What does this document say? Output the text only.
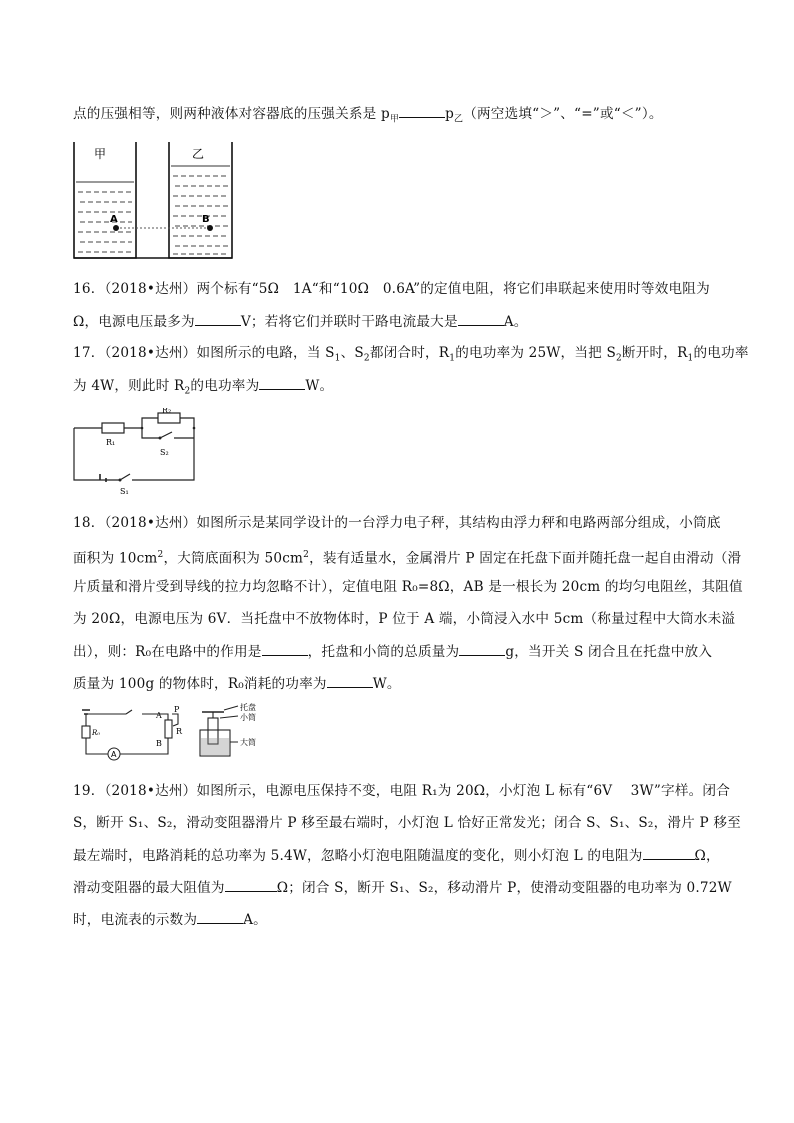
点的压强相等，则两种液体对容器底的压强关系是 $p_甲$	$p_乙$（两空选填“＞”、“=”或“＜”）。
甲	乙
A	B
16．（2018•达州）两个标有“5Ω　1A“和“10Ω　0.6A”的定值电阻，将它们串联起来使用时等效电阻为
Ω，电源电压最多为	V；若将它们并联时干路电流最大是	A。
17．（2018•达州）如图所示的电路，当 $S_1$、$S_2$都闭合时，$R_1$的电功率为 25W，当把 $S_2$断开时，$R_1$的电功率
为 4W，则此时 $R_2$的电功率为	W。
R₁
R₂
S₂
S₁
18．（2018•达州）如图所示是某同学设计的一台浮力电子秤，其结构由浮力秤和电路两部分组成，小筒底
面积为 $10cm^2$，大筒底面积为 $50cm^2$，装有适量水，金属滑片 P 固定在托盘下面并随托盘一起自由滑动（滑
片质量和滑片受到导线的拉力均忽略不计），定值电阻 R₀=8Ω，AB 是一根长为 20cm 的均匀电阻丝，其阻值
为 20Ω，电源电压为 6V．当托盘中不放物体时，P 位于 A 端，小筒浸入水中 5cm（称量过程中大筒水未溢
出），则：R₀在电路中的作用是	，托盘和小筒的总质量为	g，当开关 S 闭合且在托盘中放入
质量为 100g 的物体时，R₀消耗的功率为	W。
A
R₀
A
B
P
R
托盘
小筒
大筒
19．（2018•达州）如图所示，电源电压保持不变，电阻 R₁为 20Ω，小灯泡 L 标有“6V　 3W”字样。闭合
S，断开 S₁、S₂，滑动变阻器滑片 P 移至最右端时，小灯泡 L 恰好正常发光；闭合 S、S₁、S₂，滑片 P 移至
最左端时，电路消耗的总功率为 5.4W，忽略小灯泡电阻随温度的变化，则小灯泡 L 的电阻为	Ω，
滑动变阻器的最大阻值为	Ω；闭合 S，断开 S₁、S₂，移动滑片 P，使滑动变阻器的电功率为 0.72W
时，电流表的示数为	A。
